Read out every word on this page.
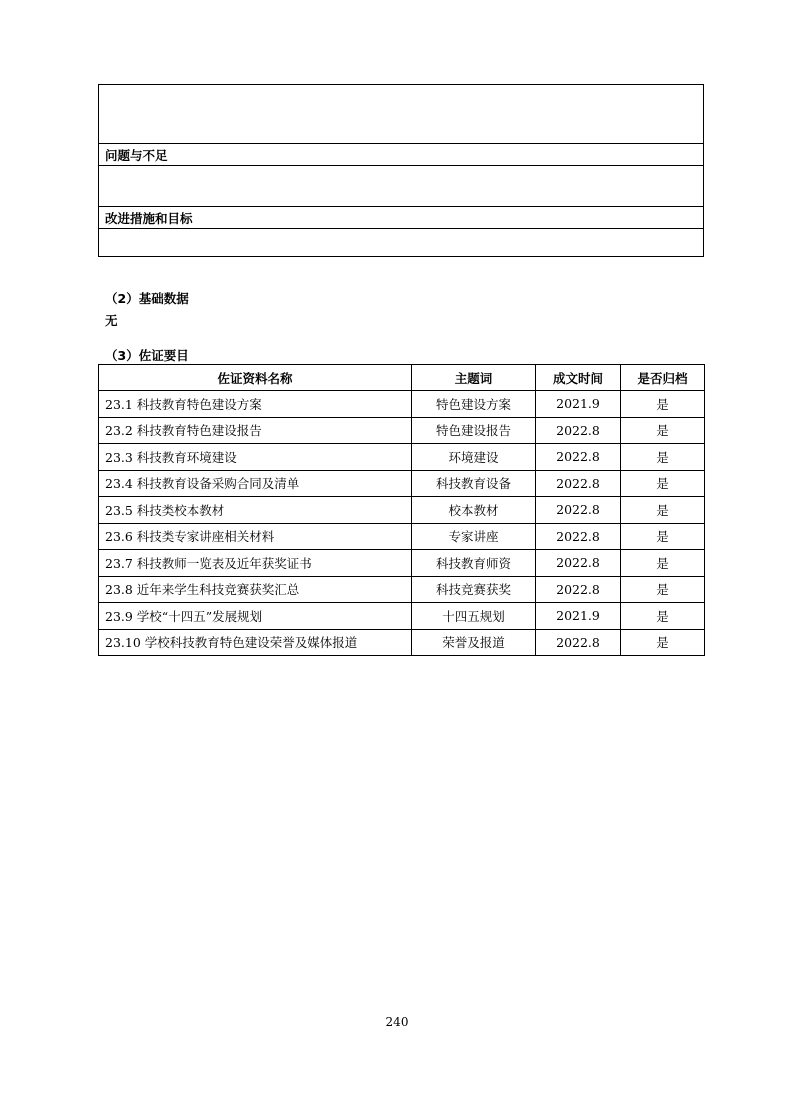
问题与不足

改进措施和目标

（2）基础数据
无
（3）佐证要目
佐证资料名称	主题词	成文时间	是否归档
23.1 科技教育特色建设方案	特色建设方案	2021.9	是
23.2 科技教育特色建设报告	特色建设报告	2022.8	是
23.3 科技教育环境建设	环境建设	2022.8	是
23.4 科技教育设备采购合同及清单	科技教育设备	2022.8	是
23.5 科技类校本教材	校本教材	2022.8	是
23.6 科技类专家讲座相关材料	专家讲座	2022.8	是
23.7 科技教师一览表及近年获奖证书	科技教育师资	2022.8	是
23.8 近年来学生科技竞赛获奖汇总	科技竞赛获奖	2022.8	是
23.9 学校“十四五”发展规划	十四五规划	2021.9	是
23.10 学校科技教育特色建设荣誉及媒体报道	荣誉及报道	2022.8	是
240
